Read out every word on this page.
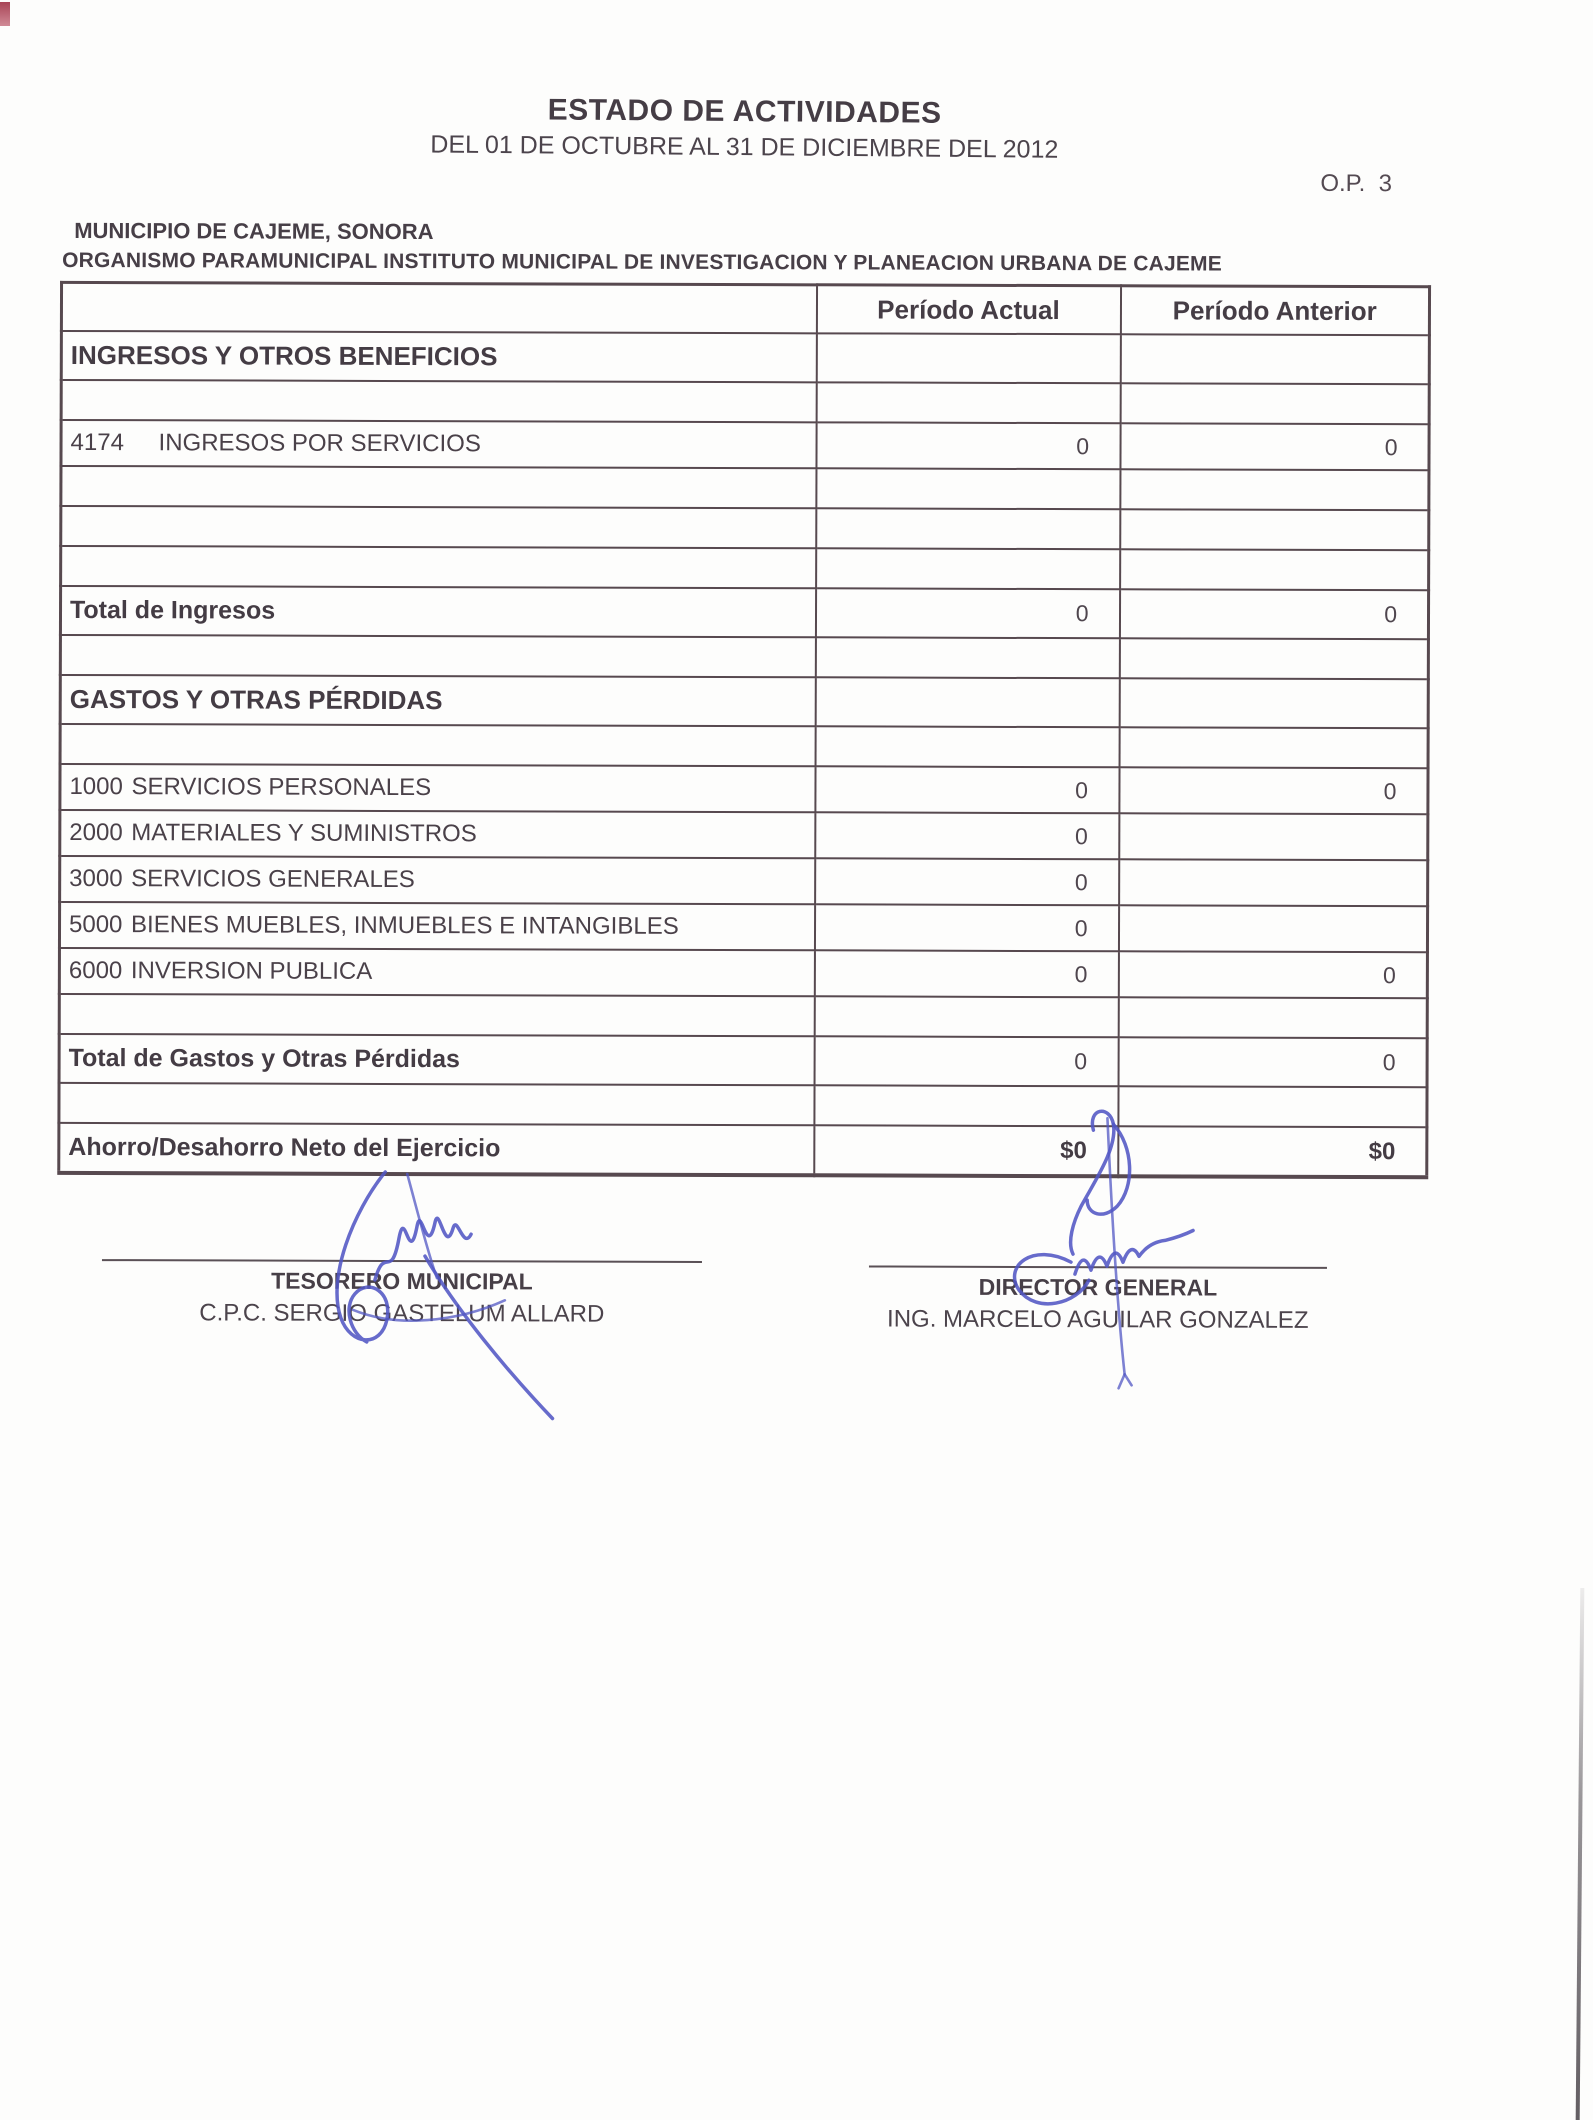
ESTADO DE ACTIVIDADES
DEL 01 DE OCTUBRE AL 31 DE DICIEMBRE DEL 2012
O.P.  3
MUNICIPIO DE CAJEME, SONORA
ORGANISMO PARAMUNICIPAL INSTITUTO MUNICIPAL DE INVESTIGACION Y PLANEACION URBANA DE CAJEME
	Período Actual	Período Anterior
INGRESOS Y OTROS BENEFICIOS		

4174 INGRESOS POR SERVICIOS	0	0

Total de Ingresos	0	0

GASTOS Y OTRAS PÉRDIDAS		

1000 SERVICIOS PERSONALES	0	0
2000 MATERIALES Y SUMINISTROS	0	
3000 SERVICIOS GENERALES	0	
5000 BIENES MUEBLES, INMUEBLES E INTANGIBLES	0	
6000 INVERSION PUBLICA	0	0

Total de Gastos y Otras Pérdidas	0	0

Ahorro/Desahorro Neto del Ejercicio	$0	$0
TESORERO MUNICIPAL
C.P.C. SERGIO GASTELUM ALLARD
DIRECTOR GENERAL
ING. MARCELO AGUILAR GONZALEZ
